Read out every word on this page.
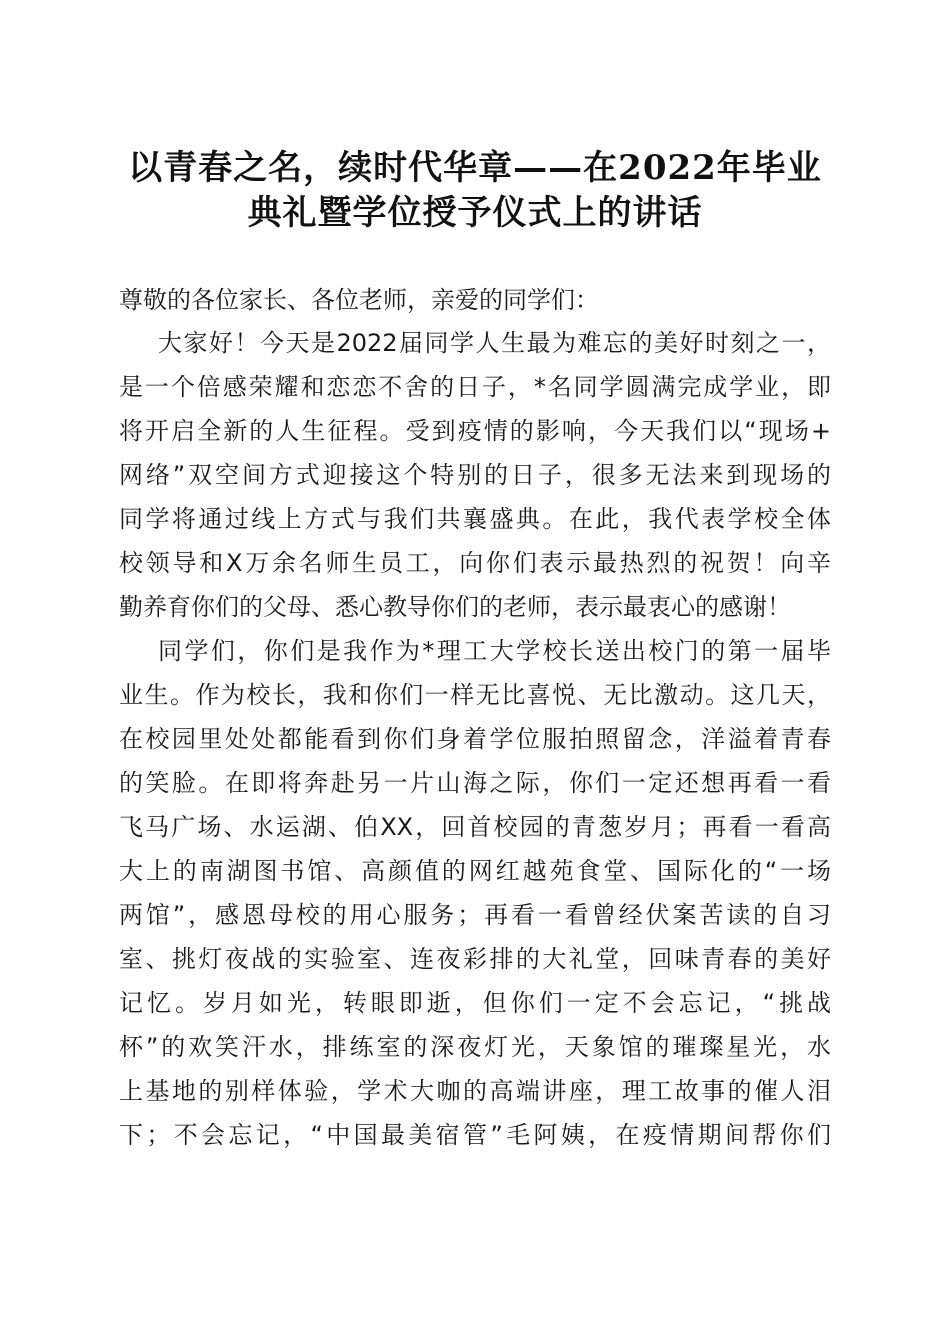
以青春之名，续时代华章——在2022年毕业
典礼暨学位授予仪式上的讲话
尊敬的各位家长、各位老师，亲爱的同学们：
大家好！今天是2022届同学人生最为难忘的美好时刻之一，
是一个倍感荣耀和恋恋不舍的日子，*名同学圆满完成学业，即
将开启全新的人生征程。受到疫情的影响，今天我们以“现场+
网络”双空间方式迎接这个特别的日子，很多无法来到现场的
同学将通过线上方式与我们共襄盛典。在此，我代表学校全体
校领导和X万余名师生员工，向你们表示最热烈的祝贺！向辛
勤养育你们的父母、悉心教导你们的老师，表示最衷心的感谢！
同学们，你们是我作为*理工大学校长送出校门的第一届毕
业生。作为校长，我和你们一样无比喜悦、无比激动。这几天，
在校园里处处都能看到你们身着学位服拍照留念，洋溢着青春
的笑脸。在即将奔赴另一片山海之际，你们一定还想再看一看
飞马广场、水运湖、伯XX，回首校园的青葱岁月；再看一看高
大上的南湖图书馆、高颜值的网红越苑食堂、国际化的“一场
两馆”，感恩母校的用心服务；再看一看曾经伏案苦读的自习
室、挑灯夜战的实验室、连夜彩排的大礼堂，回味青春的美好
记忆。岁月如光，转眼即逝，但你们一定不会忘记，“挑战
杯”的欢笑汗水，排练室的深夜灯光，天象馆的璀璨星光，水
上基地的别样体验，学术大咖的高端讲座，理工故事的催人泪
下；不会忘记，“中国最美宿管”毛阿姨，在疫情期间帮你们
